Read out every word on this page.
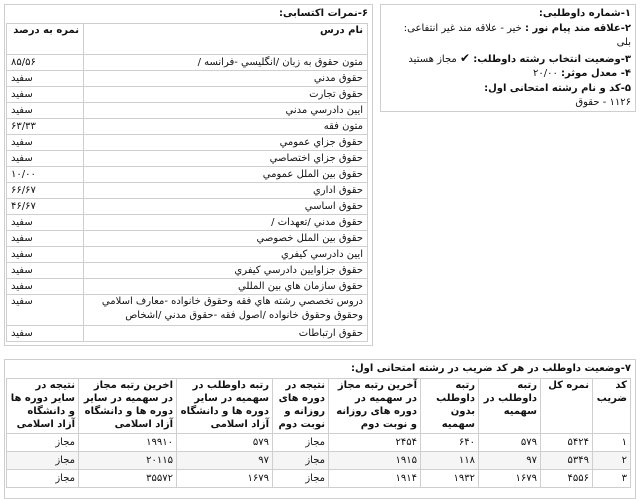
۱-شماره داوطلبی:
۲-علاقه مند پیام نور : خیر - علاقه مند غیر انتفاعی:
بلی
۳-وضعیت انتخاب رشته داوطلب: ✔ مجاز هستید
۴- معدل موثر: ۲۰/۰۰
۵-کد و نام رشته امتحانی اول:
۱۱۲۶ - حقوق
۶-نمرات اکتسابی:
نام درس	نمره به درصد
متون حقوق به زبان /انگلیسي -فرانسه /	۸۵/۵۶
حقوق مدني	سفيد
حقوق تجارت	سفيد
ايين دادرسي مدني	سفيد
متون فقه	۶۳/۳۳
حقوق جزاي عمومي	سفيد
حقوق جزاي اختصاصي	سفيد
حقوق بين الملل عمومي	۱۰/۰۰
حقوق اداري	۶۶/۶۷
حقوق اساسي	۴۶/۶۷
حقوق مدني /تعهدات /	سفيد
حقوق بين الملل خصوصي	سفيد
ايين دادرسي كيفري	سفيد
حقوق جزاوايين دادرسي كيفري	سفيد
حقوق سازمان هاي بين المللي	سفيد
دروس تخصصي رشته هاي فقه وحقوق خانواده -معارف اسلامي وحقوق وحقوق خانواده /اصول فقه -حقوق مدني /اشخاص	سفيد
حقوق ارتباطات	سفيد
۷-وضعیت داوطلب در هر کد ضریب در رشته امتحانی اول:
کد ضریب	نمره کل	رتبه داوطلب در سهمیه	رتبه داوطلب بدون سهمیه	آخرین رتبه مجاز در سهمیه در دوره های روزانه و نوبت دوم	نتیجه در دوره های روزانه و نوبت دوم	رتبه داوطلب در سهمیه در سایر دوره ها و دانشگاه آزاد اسلامی	اخرین رتبه مجاز در سهمیه در سایر دوره ها و دانشگاه آزاد اسلامی	نتیجه در سایر دوره ها و دانشگاه آزاد اسلامی
۱	۵۴۲۴	۵۷۹	۶۴۰	۲۴۵۴	مجاز	۵۷۹	۱۹۹۱۰	مجاز
۲	۵۳۴۹	۹۷	۱۱۸	۱۹۱۵	مجاز	۹۷	۲۰۱۱۵	مجاز
۳	۴۵۵۶	۱۶۷۹	۱۹۳۲	۱۹۱۴	مجاز	۱۶۷۹	۳۵۵۷۲	مجاز
